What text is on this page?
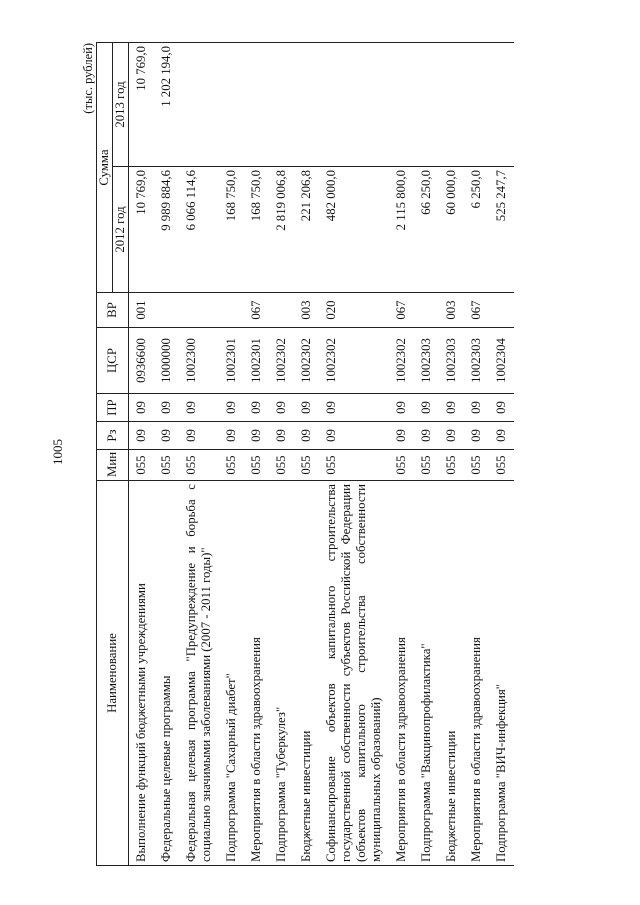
1005
(тыс. рублей)
Наименование	Мин	Рз	ПР	ЦСР	ВР	Сумма	
						2012 год	2013 год
Выполнение функций бюджетными учреждениями	055	09	09	0936600	001	10 769,0	10 769,0
Федеральные целевые программы	055	09	09	1000000		9 989 884,6	1 202 194,0
Федеральная целевая программа "Предупреждение и борьба с социально значимыми заболеваниями (2007 - 2011 годы)"	055	09	09	1002300		6 066 114,6	
Подпрограмма "Сахарный диабет"	055	09	09	1002301		168 750,0	
Мероприятия в области здравоохранения	055	09	09	1002301	067	168 750,0	
Подпрограмма "Туберкулез"	055	09	09	1002302		2 819 006,8	
Бюджетные инвестиции	055	09	09	1002302	003	221 206,8	
Софинансирование объектов капитального строительства государственной собственности субъектов Российской Федерации (объектов капитального строительства собственности муниципальных образований)	055	09	09	1002302	020	482 000,0	
Мероприятия в области здравоохранения	055	09	09	1002302	067	2 115 800,0	
Подпрограмма "Вакцинопрофилактика"	055	09	09	1002303		66 250,0	
Бюджетные инвестиции	055	09	09	1002303	003	60 000,0	
Мероприятия в области здравоохранения	055	09	09	1002303	067	6 250,0	
Подпрограмма "ВИЧ-инфекция"	055	09	09	1002304		525 247,7	
